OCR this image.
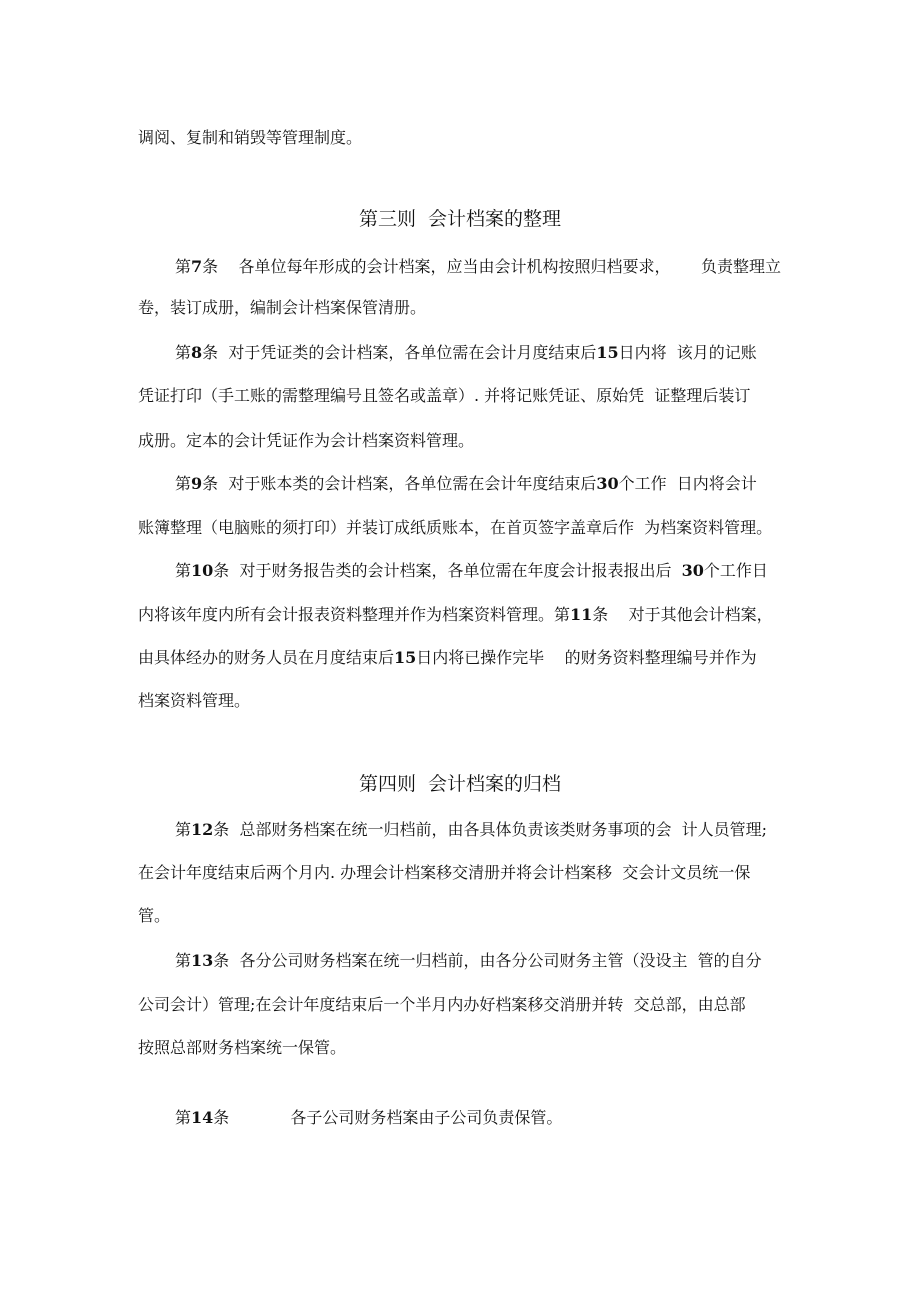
调阅、复制和销毁等管理制度。
第三则  会计档案的整理
第7条    各单位每年形成的会计档案，应当由会计机构按照归档要求，      负责整理立
卷，装订成册，编制会计档案保管清册。
第8条  对于凭证类的会计档案，各单位需在会计月度结束后15日内将  该月的记账
凭证打印（手工账的需整理编号且签名或盖章）. 并将记账凭证、原始凭  证整理后装订
成册。定本的会计凭证作为会计档案资料管理。
第9条  对于账本类的会计档案，各单位需在会计年度结束后30个工作  日内将会计
账簿整理（电脑账的须打印）并装订成纸质账本，在首页签字盖章后作  为档案资料管理。
第10条  对于财务报告类的会计档案，各单位需在年度会计报表报出后  30个工作日
内将该年度内所有会计报表资料整理并作为档案资料管理。第11条    对于其他会计档案，
由具体经办的财务人员在月度结束后15日内将已操作完毕    的财务资料整理编号并作为
档案资料管理。
第四则  会计档案的归档
第12条  总部财务档案在统一归档前，由各具体负责该类财务事项的会  计人员管理;
在会计年度结束后两个月内. 办理会计档案移交清册并将会计档案移  交会计文员统一保
管。
第13条  各分公司财务档案在统一归档前，由各分公司财务主管（没设主  管的自分
公司会计）管理;在会计年度结束后一个半月内办好档案移交消册并转  交总部，由总部
按照总部财务档案统一保管。
第14条            各子公司财务档案由子公司负责保管。
